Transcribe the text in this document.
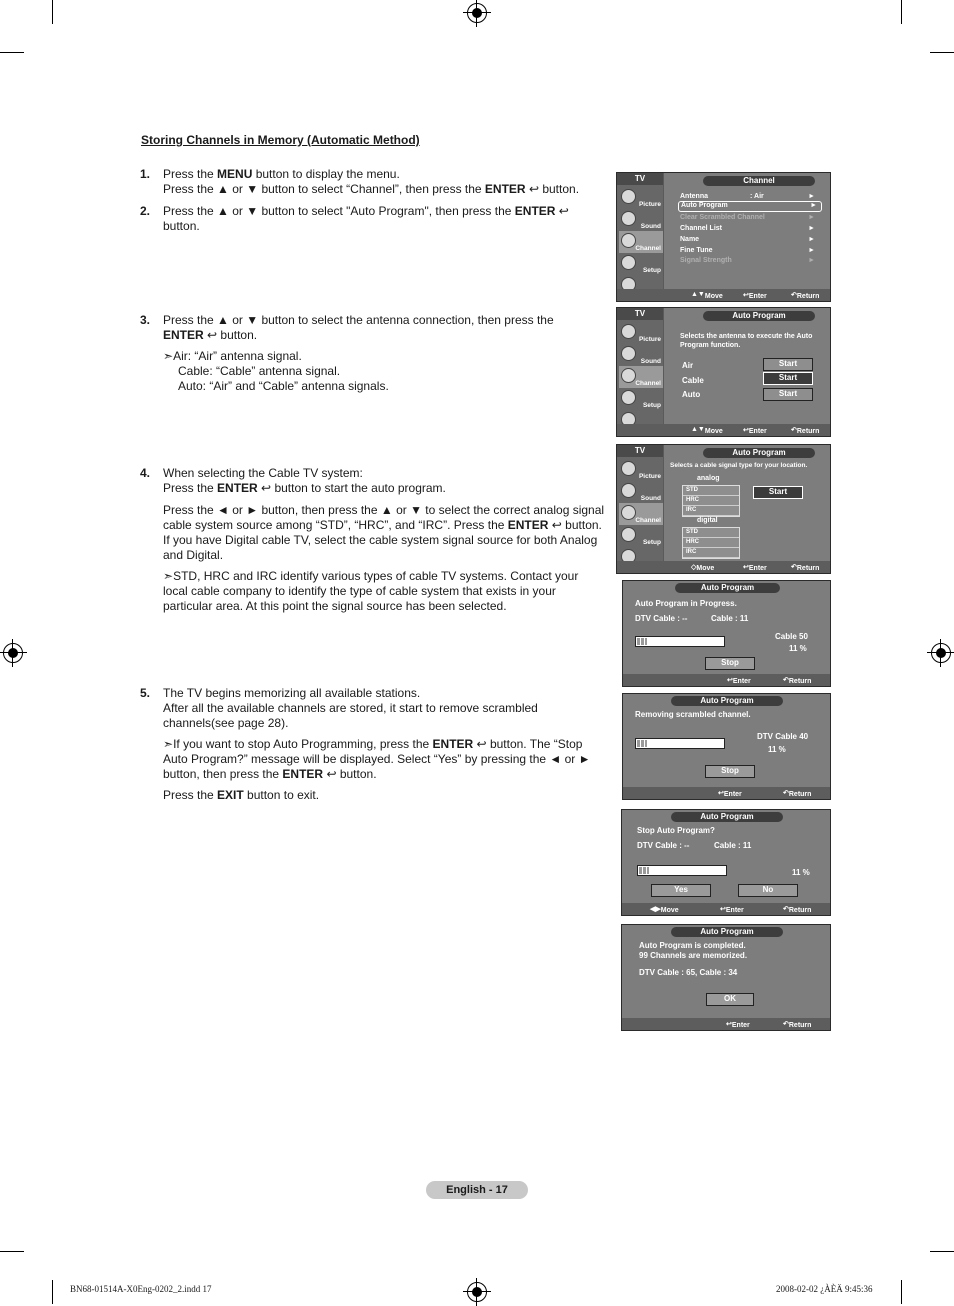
Storing Channels in Memory (Automatic Method)
1. Press the MENU button to display the menu.
Press the ▲ or ▼ button to select “Channel”, then press the ENTER ↩ button.
2. Press the ▲ or ▼ button to select "Auto Program", then press the ENTER ↩ button.
3. Press the ▲ or ▼ button to select the antenna connection, then press the
ENTER ↩ button.
➣Air: “Air” antenna signal.
Cable: “Cable” antenna signal.
Auto: “Air” and “Cable” antenna signals.
4. When selecting the Cable TV system:
Press the ENTER ↩ button to start the auto program.
Press the ◄ or ► button, then press the ▲ or ▼ to select the correct analog signal cable system source among “STD”, “HRC”, and “IRC”. Press the ENTER ↩ button. If you have Digital cable TV, select the cable system signal source for both Analog and Digital.
➣STD, HRC and IRC identify various types of cable TV systems. Contact your local cable company to identify the type of cable system that exists in your particular area. At this point the signal source has been selected.
5. The TV begins memorizing all available stations.
After all the available channels are stored, it start to remove scrambled channels(see page 28).
➣If you want to stop Auto Programming, press the ENTER ↩ button. The “Stop Auto Program?” message will be displayed. Select “Yes” by pressing the ◄ or ► button, then press the ENTER ↩ button.
Press the EXIT button to exit.
TV
Picture
Sound
Channel
Setup
Channel
Antenna	: Air	►
Auto Program	►
Clear Scrambled Channel	►
Channel List	►
Name	►
Fine Tune	►
Signal Strength	►
▲▼ Move	↩ Enter	↶ Return
TV
Picture
Sound
Channel
Setup
Auto Program
Selects the antenna to execute the Auto Program function.
Air	Start
Cable	Start
Auto	Start
▲▼ Move	↩ Enter	↶ Return
TV
Picture
Sound
Channel
Setup
Auto Program
Selects a cable signal type for your location.
analog
STD
HRC
IRC
Start
digital
STD
HRC
IRC
◇ Move	↩ Enter	↶ Return
Auto Program
Auto Program in Progress.
DTV Cable : --	Cable : 11
Cable 50
11 %
Stop
↩ Enter	↶ Return
Auto Program
Removing scrambled channel.
DTV Cable 40
11 %
Stop
↩ Enter	↶ Return
Auto Program
Stop Auto Program?
DTV Cable : --	Cable : 11
11 %
Yes	No
◀▶ Move	↩ Enter	↶ Return
Auto Program
Auto Program is completed.
99 Channels are memorized.
DTV Cable : 65, Cable : 34
OK
↩ Enter	↶ Return
English - 17
BN68-01514A-X0Eng-0202_2.indd 17	2008-02-02 ¿ÀÈÄ 9:45:36
